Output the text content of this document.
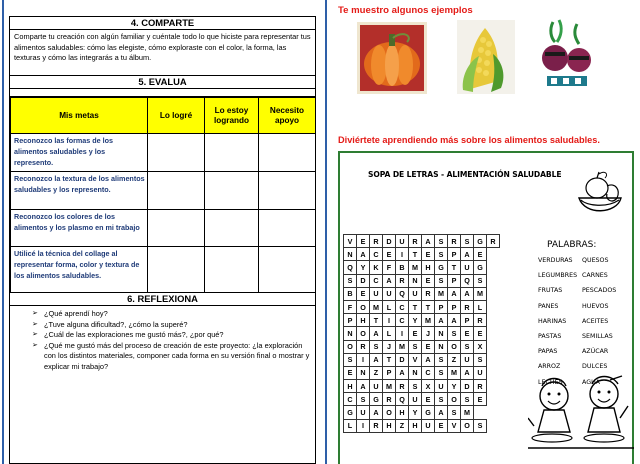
4. COMPARTE
Comparte tu creación con algún familiar y cuéntale todo lo que hiciste para representar tus alimentos saludables: cómo las elegiste, cómo exploraste con el color, la forma, las texturas y cómo las integrarás a tu álbum.
5. EVALUA
Mis metas	Lo logré	Lo estoy logrando	Necesito apoyo
Reconozco las formas de los alimentos saludables y los represento.			
Reconozco la textura de los alimentos saludables y los represento.			
Reconozco los colores de los alimentos y los plasmo en mi trabajo			
Utilicé la técnica del collage al representar forma, color y textura de los alimentos saludables.			
6. REFLEXIONA
➢ ¿Qué aprendí hoy?
➢ ¿Tuve alguna dificultad?, ¿cómo la superé?
➢ ¿Cuál de las exploraciones me gustó más?, ¿por qué?
➢ ¿Qué me gustó más del proceso de creación de este proyecto: ¿la exploración con los distintos materiales, componer cada forma en su versión final o mostrar y explicar mi trabajo?
Te muestro algunos ejemplos
Diviértete aprendiendo más sobre los alimentos saludables.
SOPA DE LETRAS - ALIMENTACIÓN SALUDABLE
V	E	R	D	U	R	A	S	R	S	G	R
N	A	C	E	I	T	E	S	P	A	E	
Q	Y	K	F	B	M	H	G	T	U	G	
S	D	C	A	R	N	E	S	P	Q	S	
B	E	U	U	Q	U	R	M	A	A	M	
F	O	M	L	C	T	T	P	P	R	L	
P	H	T	I	C	Y	M	A	A	P	R	
N	O	A	L	I	E	J	N	S	E	E	
O	R	S	J	M	S	E	N	O	S	X	
S	I	A	T	D	V	A	S	Z	U	S	
E	N	Z	P	A	N	C	S	M	A	U	
H	A	U	M	R	S	X	U	Y	D	R	
C	S	G	R	Q	U	E	S	O	S	E	
G	U	A	O	H	Y	G	A	S	M		
L	I	R	H	Z	H	U	E	V	O	S	
PALABRAS:
VERDURAS
LEGUMBRES
FRUTAS
PANES
HARINAS
PASTAS
PAPAS
ARROZ
LECHES
QUESOS
CARNES
PESCADOS
HUEVOS
ACEITES
SEMILLAS
AZÚCAR
DULCES
AGUA
